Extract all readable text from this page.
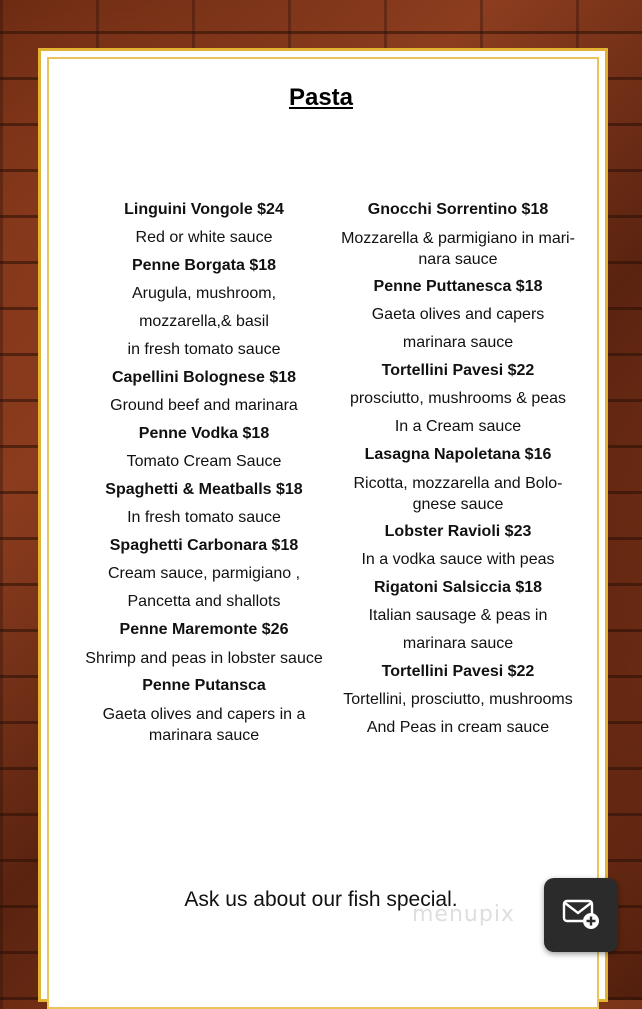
Pasta
Linguini Vongole $24
Red or white sauce
Penne Borgata $18
Arugula, mushroom,
mozzarella,& basil
in fresh tomato sauce
Capellini Bolognese $18
Ground beef and marinara
Penne Vodka $18
Tomato Cream Sauce
Spaghetti & Meatballs $18
In fresh tomato sauce
Spaghetti Carbonara $18
Cream sauce, parmigiano ,
Pancetta and shallots
Penne Maremonte $26
Shrimp and peas in lobster sauce
Penne Putansca
Gaeta olives and capers in a marinara sauce
Gnocchi Sorrentino $18
Mozzarella & parmigiano in mari-nara sauce
Penne Puttanesca $18
Gaeta olives and capers
marinara sauce
Tortellini Pavesi $22
prosciutto, mushrooms & peas
In a Cream sauce
Lasagna Napoletana $16
Ricotta, mozzarella and Bolo-gnese sauce
Lobster Ravioli $23
In a vodka sauce with peas
Rigatoni Salsiccia $18
Italian sausage & peas in
marinara sauce
Tortellini Pavesi $22
Tortellini, prosciutto, mushrooms
And Peas in cream sauce
Ask us about our fish special.
menupix
